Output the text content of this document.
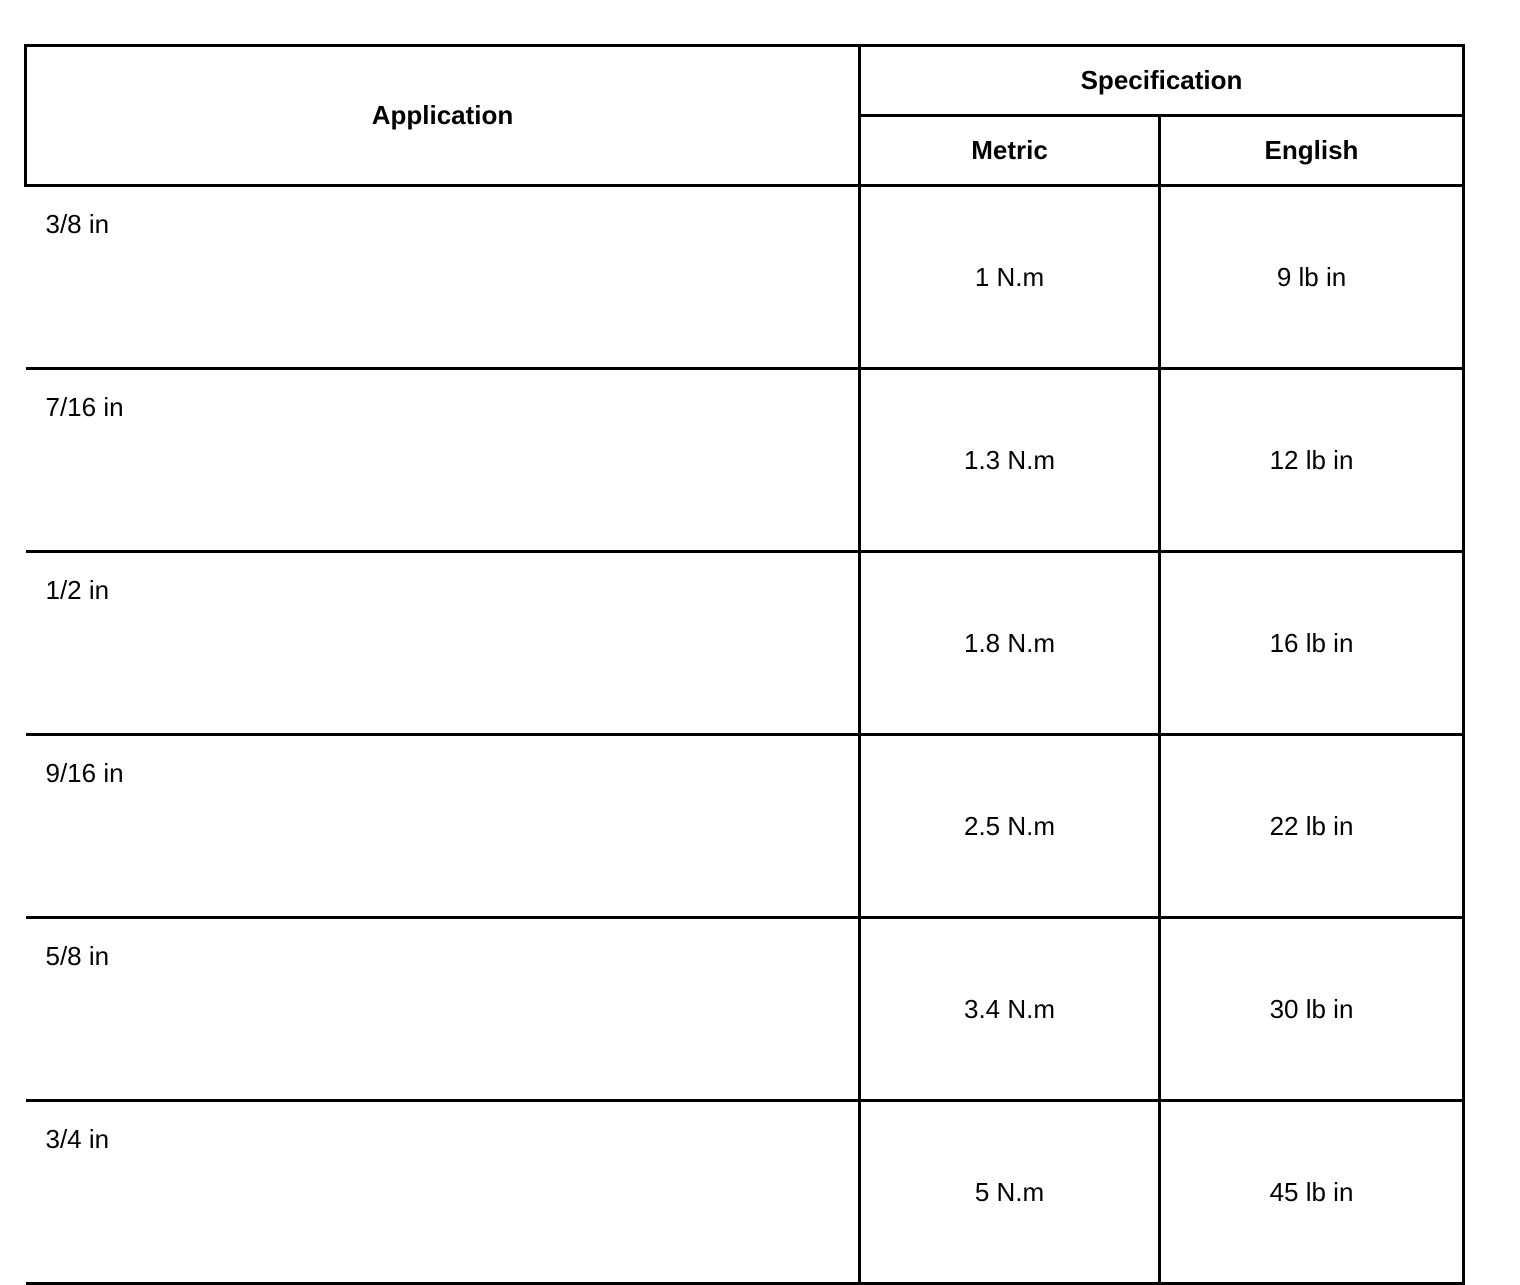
Application	Specification	
	Metric	English
3/8 in	1 N.m	9 lb in
7/16 in	1.3 N.m	12 lb in
1/2 in	1.8 N.m	16 lb in
9/16 in	2.5 N.m	22 lb in
5/8 in	3.4 N.m	30 lb in
3/4 in	5 N.m	45 lb in
